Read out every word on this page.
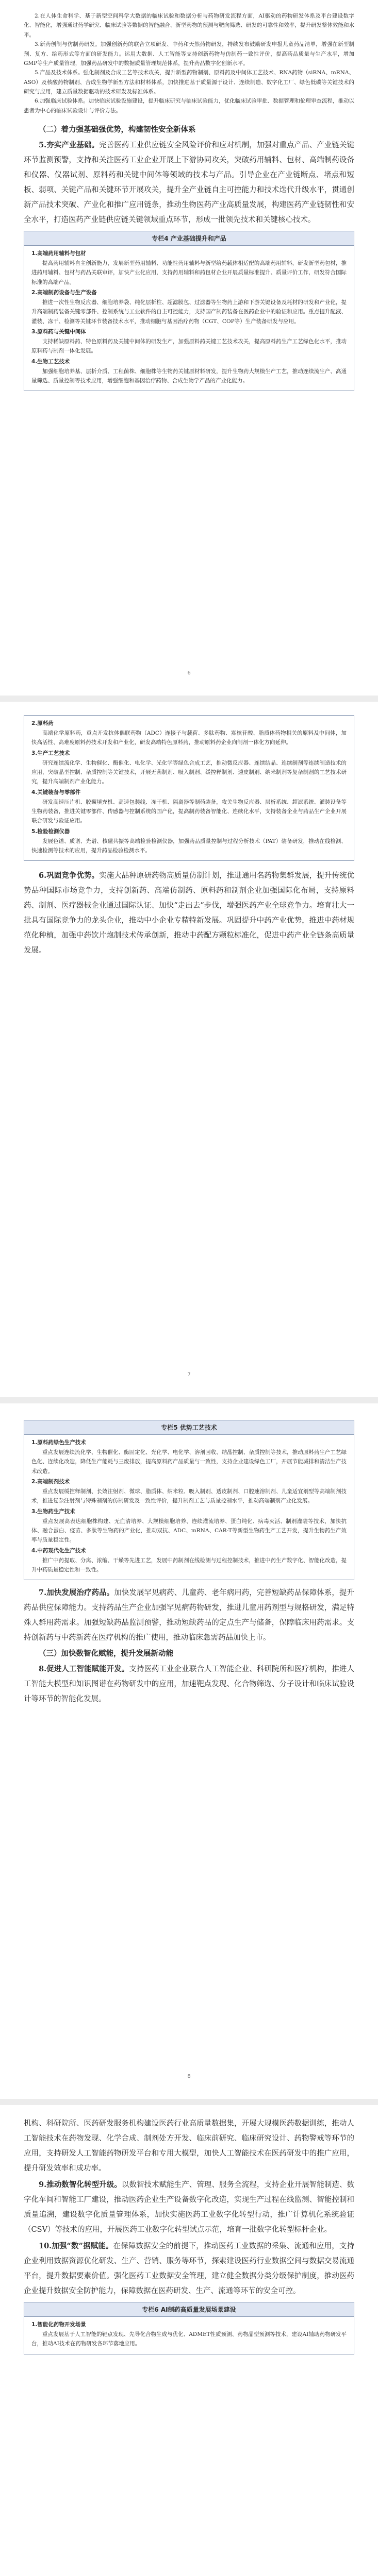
2.在人体生命科学、基于新型空间科学大数据的临床试验和数据分析与药物研发流程方面，AI驱动的药物研发体系及平台建设数字化、智能化，增强通过药学研究、临床试验等数据的智能融合、新型药物的预测与靶向筛选、研发的可靠性和效率，提升研发整体效能和水平。

3.新药创制与仿制药研发。加强创新药的联合立项研发、中药和天然药物研发，持续发布鼓励研发申报儿童药品清单，增强在新型制剂、复方、给药形式等方面的研发能力。运用大数据、人工智能等支持创新药物与仿制药一致性评价，提高药品质量与生产水平，增加GMP等生产质量管理，加强药品研发中的数据质量管理规范体系，提升药品数字化创新水平。

5.产品及技术体系。强化制剂及合成工艺等技术攻关，提升新型药物制剂、原料药及中间体工艺技术、RNA药物（siRNA、mRNA、ASO）及核酸药物制剂、合成生物学新型方法和材料体系，加快推进基于质量源于设计、连续制造、数字化工厂、绿色低碳等关键技术的研究与应用，建立质量数据驱动的技术研发及标准体系。

6.加强临床试验体系。加快临床试验设施建设，提升临床研究与临床试验能力，优化临床试验审批、数据管理和伦理审查流程，推动以患者为中心的临床试验设计与评价方法。

（二）着力强基础强优势，构建韧性安全新体系

5.夯实产业基础。完善医药工业供应链安全风险评价和应对机制，加强对重点产品、产业链关键环节监测预警，支持和关注医药工业企业开展上下游协同攻关，突破药用辅料、包材、高端制药设备和仪器、仪器试剂、原料药和关键中间体等领域的技术与产品。引导企业在产业链断点、堵点和短板、弱项、关键产品和关键环节开展攻关，提升全产业链自主可控能力和技术迭代升级水平，贯通创新产品技术突破、产业化和推广应用链条，推动生物医药产业高质量发展，构建医药产业链韧性和安全水平，打造医药产业链供应链关键领域重点环节，形成一批领先技术和关键核心技术。

专栏4 产业基础提升和产品

1.高端药用辅料与包材

提高药用辅料自主创新能力，发展新型药用辅料、功能性药用辅料与新型给药载体相适配的高端药用辅料，研发新型药包材，推进药用辅料、包材与药品关联审评，加快产业化应用，支持药用辅料和药包材企业开展质量标准提升、质量评价工作，研发符合国际标准的高端产品。

2.高端制药设备与生产设备

推进一次性生物反应器、细胞培养袋、纯化层析柱、超滤膜包、过滤器等生物药上游和下游关键设备及耗材的研发和产业化，提升高端制药装备关键零部件、控制系统与工业软件的自主可控能力，支持国产制药装备在医药企业中的验证和应用。重点提升配液、灌装、冻干、检测等关键环节装备技术水平，推动细胞与基因治疗药物（CGT、COP等）生产装备研发与应用。

3.原料药与关键中间体

支持稀缺原料药、特色原料药及关键中间体的研发生产，加强原料药关键工艺技术攻关，提高原料药生产工艺绿色化水平，推动原料药与制剂一体化发展。

4.生物工艺技术

加强细胞培养基、层析介质、工程菌株、细胞株等生物药关键原材料研发，提升生物药大规模生产工艺，推动连续流生产、高通量筛选、质量控制等技术应用，增强细胞和基因治疗药物、合成生物学产品的产业化能力。

6

2.原料药

高端化学原料药，重点开发抗体偶联药物（ADC）连接子与载荷、多肽药物、寡核苷酸、脂质体药物相关的原料及中间体，加快高活性、高难度原料药技术开发和产业化，研发高端特色原料药，推动原料药企业向制剂一体化方向延伸。

3.生产工艺技术

研究连续流化学、生物催化、酶催化、电化学、光化学等绿色合成工艺，推动微反应器、连续结晶、连续制剂等连续制造技术的应用，突破晶型控制、杂质控制等关键技术，开展无菌制剂、吸入制剂、缓控释制剂、透皮制剂、纳米制剂等复杂制剂的工艺技术研究，提升高端制剂产业化能力。

4.关键装备与零部件

研发高速压片机、胶囊填充机、高速包装线、冻干机、隔离器等制药装备，攻关生物反应器、层析系统、超滤系统、灌装设备等生物药装备，推进关键零部件、传感器与控制系统的国产化，提高制药装备智能化、连续化水平，支持装备企业与药品生产企业开展联合研发与验证应用。

5.检验检测仪器

发展色谱、质谱、光谱、核磁共振等高端检验检测仪器，加强药品质量控制与过程分析技术（PAT）装备研发，推动在线检测、快速检测等技术的应用，提升药品检验检测水平。

6.巩固竞争优势。实施大品种原研药物高质量仿制计划，推进通用名药物集群发展，提升传统优势品种国际市场竞争力，支持创新药、高端仿制药、原料药和制剂企业加强国际化布局，支持原料药、制剂、医疗器械企业通过国际认证、加快“走出去”步伐，增强医药产业全球竞争力。培育壮大一批具有国际竞争力的龙头企业，推动中小企业专精特新发展。巩固提升中药产业优势，推进中药材规范化种植，加强中药饮片炮制技术传承创新，推动中药配方颗粒标准化，促进中药产业全链条高质量发展。

7
专栏5 优势工艺技术

1.原料药绿色生产技术

重点发展连续流化学、生物催化、酶固定化、光化学、电化学、溶剂回收、结晶控制、杂质控制等技术，推动原料药生产工艺绿色化、连续化改造，降低生产能耗与三废排放，提高原料药产品质量与一致性，支持企业建设绿色工厂，开展节能减排和清洁生产技术改造。

2.高端制剂技术

重点发展缓控释制剂、长效注射剂、微球、脂质体、纳米粒、吸入制剂、透皮制剂、口腔速溶制剂、儿童适宜剂型等高端制剂技术，推进复杂注射剂与特殊制剂的仿制研发及一致性评价，提升制剂工艺与质量控制水平，推动高端制剂产业化发展。

3.生物药生产技术

重点发展高表达细胞株构建、无血清培养、大规模细胞培养、连续灌流培养、蛋白纯化、病毒灭活、制剂灌装等技术，加快抗体、融合蛋白、疫苗、多肽等生物药的产业化，推动双抗、ADC、mRNA、CAR-T等新型生物药生产工艺开发，提升生物药生产效率与质量稳定性。

4.中药现代化生产技术

推广中药提取、分离、浓缩、干燥等先进工艺，发展中药制剂在线检测与过程控制技术，推进中药生产数字化、智能化改造，提升中药质量稳定性和一致性。

7.加快发展治疗药品。加快发展罕见病药、儿童药、老年病用药，完善短缺药品保障体系，提升药品供应保障能力。支持药品生产企业加强罕见病药物研发，推进儿童用药剂型与规格研发，满足特殊人群用药需求。加强短缺药品监测预警，推动短缺药品的定点生产与储备，保障临床用药需求。支持创新药与中药新药在医疗机构的推广使用，推动临床急需药品加快上市。

（三）加快数智化赋能，提升发展新动能

8.促进人工智能赋能开发。支持医药工业企业联合人工智能企业、科研院所和医疗机构，推进人工智能大模型和知识图谱在药物研发中的应用，加速靶点发现、化合物筛选、分子设计和临床试验设计等环节的智能化发展。

8

机构、科研院所、医药研发服务机构建设医药行业高质量数据集，开展大规模医药数据训练，推动人工智能技术在药物发现、化学合成、制剂处方开发、临床前研究、临床研究设计、药物警戒等环节的应用，支持研发人工智能药物研发平台和专用大模型，加快人工智能技术在医药研发中的推广应用，提升研发效率和成功率。

9.推动数智化转型升级。以数智技术赋能生产、管理、服务全流程，支持企业开展智能制造、数字化车间和智能工厂建设，推动医药企业生产设备数字化改造，实现生产过程在线监测、智能控制和质量追溯，建设数字化质量管理体系，加快实施医药工业数字化转型行动，推广计算机化系统验证（CSV）等技术的应用，开展医药工业数字化转型试点示范，培育一批数字化转型标杆企业。

10.加强“数”据赋能。在保障数据安全的前提下，推动医药工业数据的采集、流通和应用，支持企业利用数据资源优化研发、生产、营销、服务等环节，探索建设医药行业数据空间与数据交易流通平台，提升数据要素价值。强化医药工业数据安全管理，建立健全数据分类分级保护制度，推动医药企业提升数据安全防护能力，保障数据在医药研发、生产、流通等环节的安全可控。

专栏6 AI制药高质量发展场景建设

1.智能化药物开发场景

重点发展基于人工智能的靶点发现、先导化合物生成与优化、ADMET性质预测、药物晶型预测等技术，建设AI辅助药物研发平台，推动AI技术在药物研发各环节落地应用。
